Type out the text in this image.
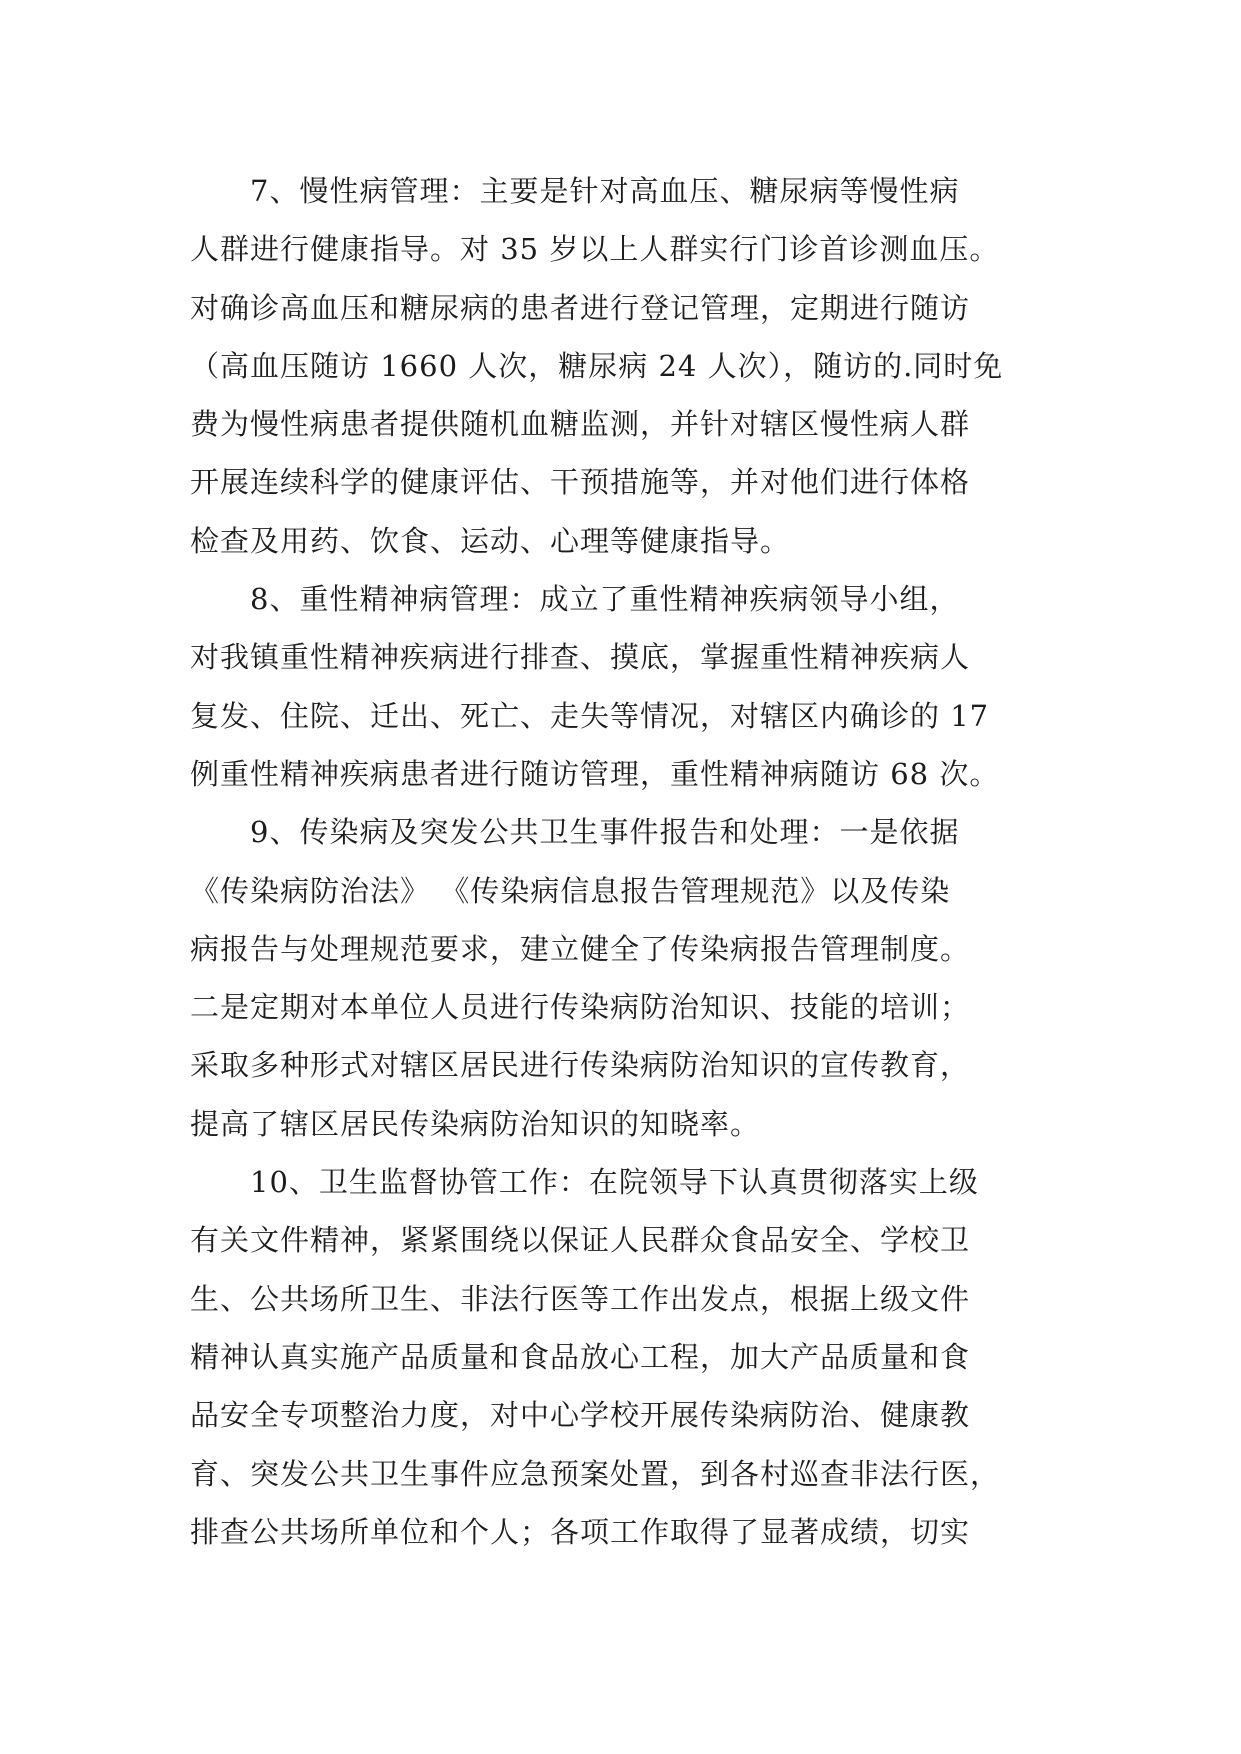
7、慢性病管理：主要是针对高血压、糖尿病等慢性病
人群进行健康指导。对 35 岁以上人群实行门诊首诊测血压。
对确诊高血压和糖尿病的患者进行登记管理，定期进行随访
（高血压随访 1660 人次，糖尿病 24 人次），随访的.同时免
费为慢性病患者提供随机血糖监测，并针对辖区慢性病人群
开展连续科学的健康评估、干预措施等，并对他们进行体格
检查及用药、饮食、运动、心理等健康指导。
8、重性精神病管理：成立了重性精神疾病领导小组，
对我镇重性精神疾病进行排查、摸底，掌握重性精神疾病人
复发、住院、迁出、死亡、走失等情况，对辖区内确诊的 17
例重性精神疾病患者进行随访管理，重性精神病随访 68 次。
9、传染病及突发公共卫生事件报告和处理：一是依据
《传染病防治法》 《传染病信息报告管理规范》以及传染
病报告与处理规范要求，建立健全了传染病报告管理制度。
二是定期对本单位人员进行传染病防治知识、技能的培训；
采取多种形式对辖区居民进行传染病防治知识的宣传教育，
提高了辖区居民传染病防治知识的知晓率。
10、卫生监督协管工作：在院领导下认真贯彻落实上级
有关文件精神，紧紧围绕以保证人民群众食品安全、学校卫
生、公共场所卫生、非法行医等工作出发点，根据上级文件
精神认真实施产品质量和食品放心工程，加大产品质量和食
品安全专项整治力度，对中心学校开展传染病防治、健康教
育、突发公共卫生事件应急预案处置，到各村巡查非法行医，
排查公共场所单位和个人；各项工作取得了显著成绩，切实
